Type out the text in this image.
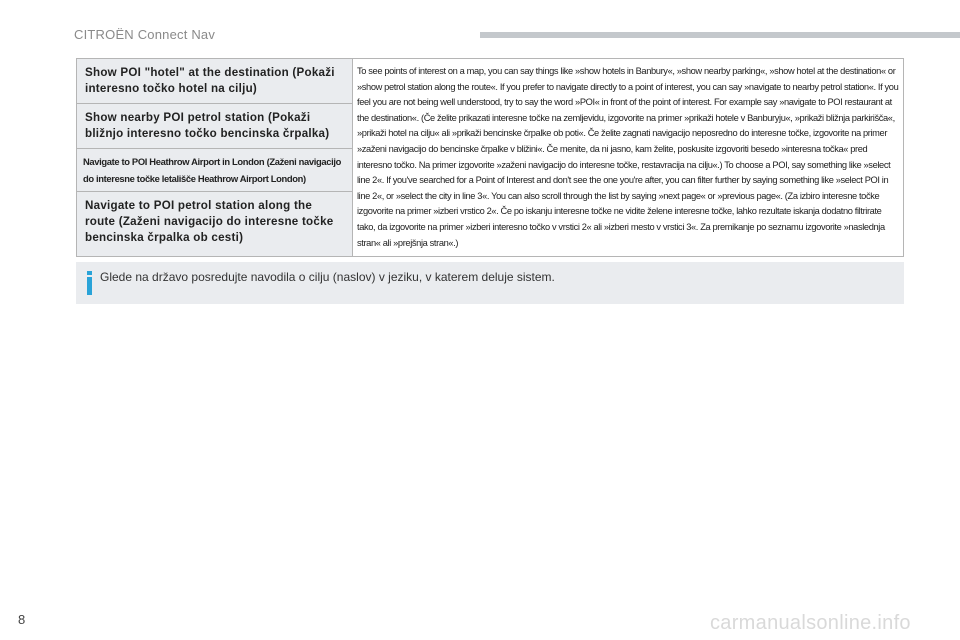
CITROËN Connect Nav
Show POI "hotel" at the destination (Pokaži interesno točko hotel na cilju)

To see points of interest on a map, you can say things like »show hotels in Banbury«, »show nearby parking«, »show hotel at the destination« or »show petrol station along the route«. If you prefer to navigate directly to a point of interest, you can say »navigate to nearby petrol station«. If you feel you are not being well understood, try to say the word »POI« in front of the point of interest. For example say »navigate to POI restaurant at the destination«. (Če želite prikazati interesne točke na zemljevidu, izgovorite na primer »prikaži hotele v Banburyju«, »prikaži bližnja parkirišča«, »prikaži hotel na cilju« ali »prikaži bencinske črpalke ob poti«. Če želite zagnati navigacijo neposredno do interesne točke, izgovorite na primer »zaženi navigacijo do bencinske črpalke v bližini«. Če menite, da ni jasno, kam želite, poskusite izgovoriti besedo »interesna točka« pred interesno točko. Na primer izgovorite »zaženi navigacijo do interesne točke, restavracija na cilju«.) To choose a POI, say something like »select line 2«. If you've searched for a Point of Interest and don't see the one you're after, you can filter further by saying something like »select POI in line 2«, or »select the city in line 3«. You can also scroll through the list by saying »next page« or »previous page«. (Za izbiro interesne točke izgovorite na primer »izberi vrstico 2«. Če po iskanju interesne točke ne vidite želene interesne točke, lahko rezultate iskanja dodatno filtrirate tako, da izgovorite na primer »izberi interesno točko v vrstici 2« ali »izberi mesto v vrstici 3«. Za premikanje po seznamu izgovorite »naslednja stran« ali »prejšnja stran«.)

Show nearby POI petrol station (Pokaži bližnjo interesno točko bencinska črpalka)

Navigate to POI Heathrow Airport in London (Zaženi navigacijo
do interesne točke letališče Heathrow Airport London)

Navigate to POI petrol station along the route (Zaženi navigacijo do interesne točke bencinska črpalka ob cesti)
Glede na državo posredujte navodila o cilju (naslov) v jeziku, v katerem deluje sistem.
8	carmanualsonline.info
